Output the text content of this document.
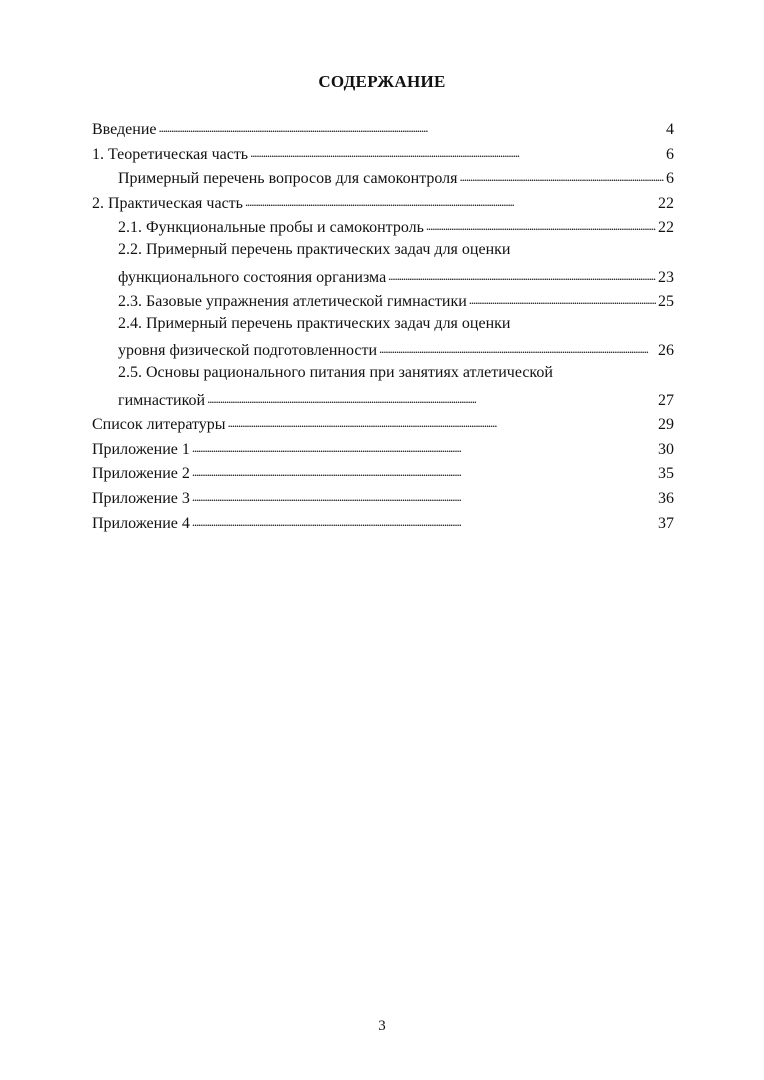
СОДЕРЖАНИЕ
Введение . . .	4
1. Теоретическая часть . . .	6
Примерный перечень вопросов для самоконтроля . . .	6
2. Практическая часть . . .	22
2.1. Функциональные пробы и самоконтроль . . .	22
2.2. Примерный перечень практических задач для оценки
функционального состояния организма . . .	23
2.3. Базовые упражнения атлетической гимнастики . . .	25
2.4. Примерный перечень практических задач для оценки
уровня физической подготовленности . . .	26
2.5. Основы рационального питания при занятиях атлетической
гимнастикой . . .	27
Список литературы . . .	29
Приложение 1 . . .	30
Приложение 2 . . .	35
Приложение 3 . . .	36
Приложение 4 . . .	37
3
